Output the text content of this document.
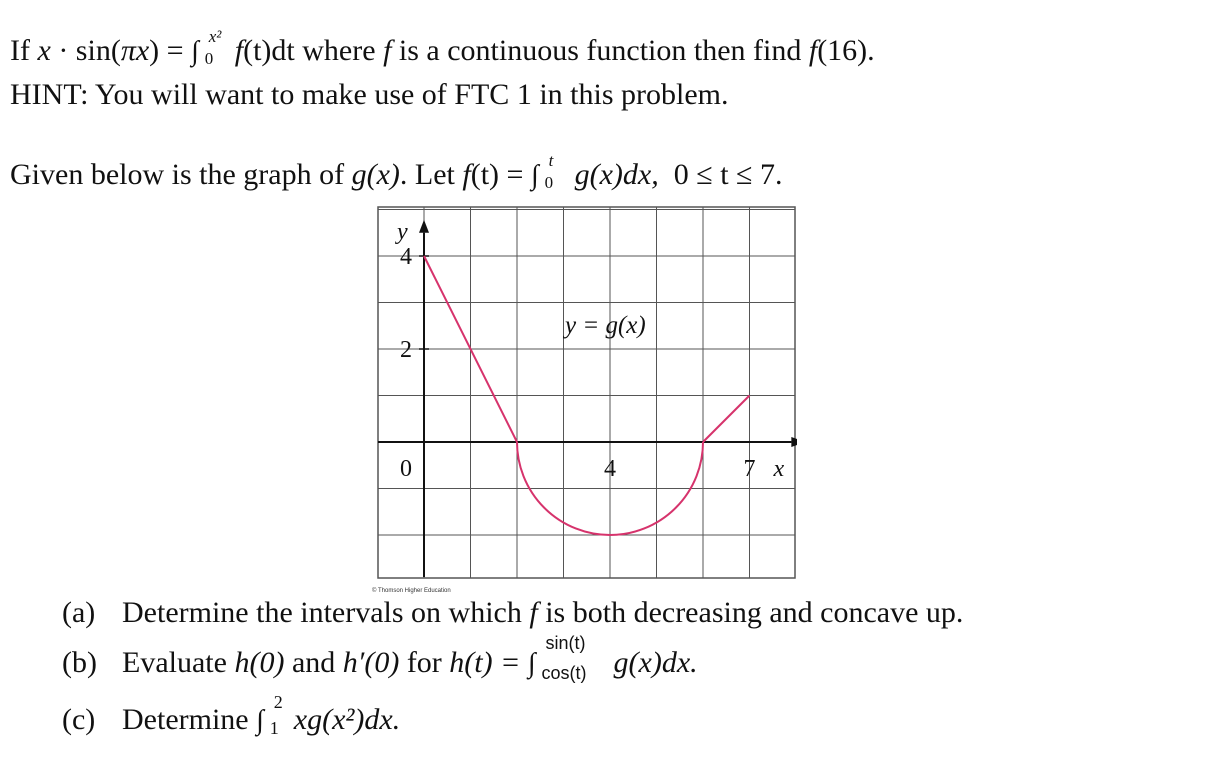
If x · sin(πx) = ∫ x²
0 f(t)dt where f is a continuous function then find f(16).
HINT: You will want to make use of FTC 1 in this problem.
Given below is the graph of g(x). Let f(t) = ∫ t
0 g(x)dx, 0 ≤ t ≤ 7.
2
4
0	4	7 x
y
y = g(x)
© Thomson Higher Education
(a) Determine the intervals on which f is both decreasing and concave up.
(b) Evaluate h(0) and h′(0) for h(t) = ∫
sin(t)
cos(t) g(x)dx.
(c) Determine ∫
2
1 xg(x²)dx.
